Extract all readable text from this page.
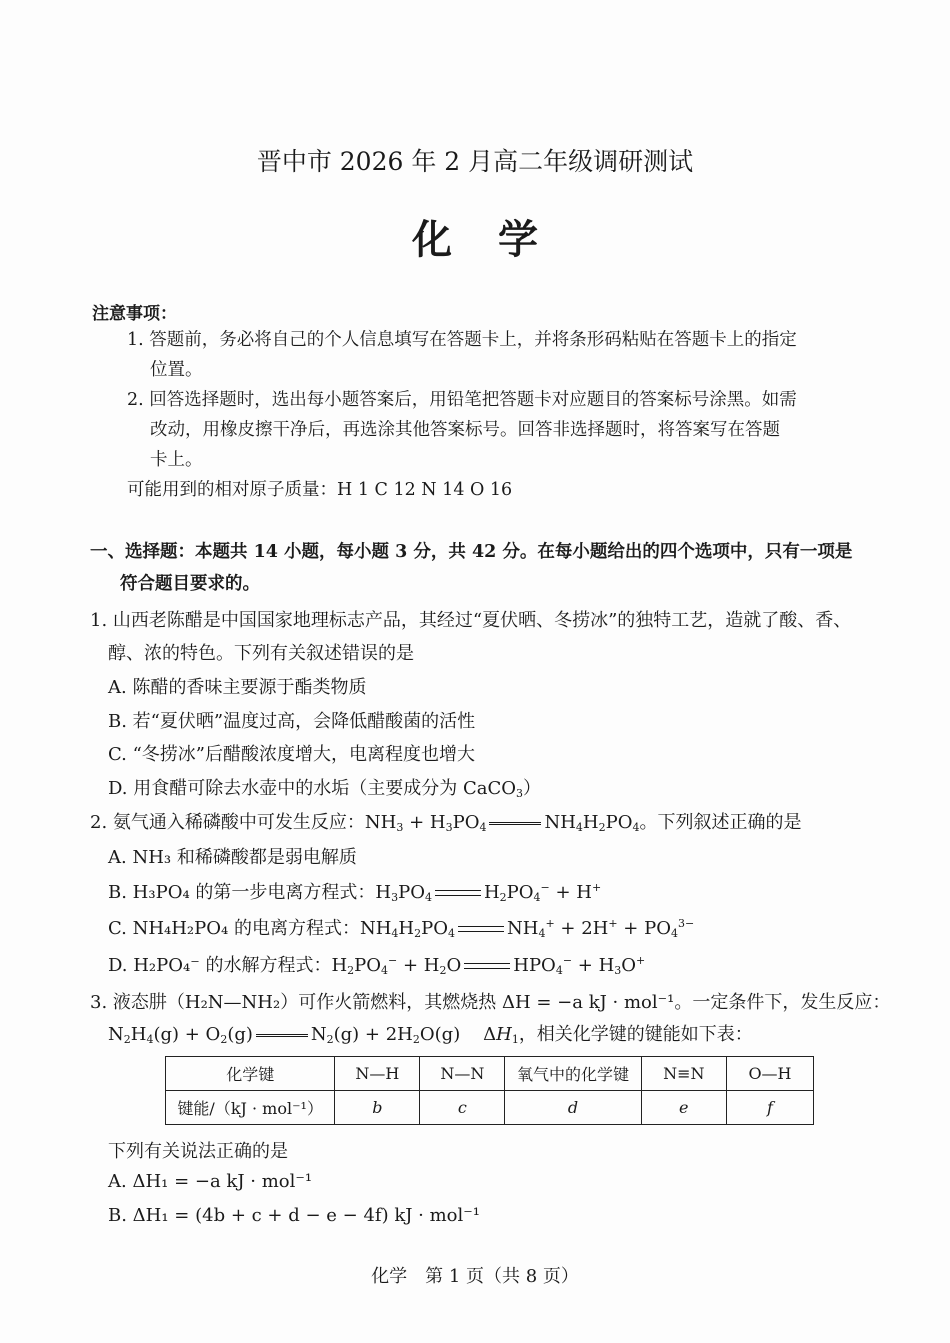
晋中市 2026 年 2 月高二年级调研测试
化学
注意事项：
1. 答题前，务必将自己的个人信息填写在答题卡上，并将条形码粘贴在答题卡上的指定
位置。
2. 回答选择题时，选出每小题答案后，用铅笔把答题卡对应题目的答案标号涂黑。如需
改动，用橡皮擦干净后，再选涂其他答案标号。回答非选择题时，将答案写在答题
卡上。
可能用到的相对原子质量：H 1 C 12 N 14 O 16
一、选择题：本题共 14 小题，每小题 3 分，共 42 分。在每小题给出的四个选项中，只有一项是
符合题目要求的。
1. 山西老陈醋是中国国家地理标志产品，其经过“夏伏晒、冬捞冰”的独特工艺，造就了酸、香、
醇、浓的特色。下列有关叙述错误的是
A. 陈醋的香味主要源于酯类物质
B. 若“夏伏晒”温度过高，会降低醋酸菌的活性
C. “冬捞冰”后醋酸浓度增大，电离程度也增大
D. 用食醋可除去水壶中的水垢（主要成分为 CaCO$_3$）
2. 氨气通入稀磷酸中可发生反应：$NH_3 + H_3PO_4$	$NH_4H_2PO_4$。下列叙述正确的是
A. NH₃ 和稀磷酸都是弱电解质
B. H₃PO₄ 的第一步电离方程式：$H_3PO_4$	$H_2PO_4^- + H^+$
C. NH₄H₂PO₄ 的电离方程式：$NH_4H_2PO_4$	$NH_4^+ + 2H^+ + PO_4^{3-}$
D. H₂PO₄⁻ 的水解方程式：$H_2PO_4^- + H_2O$	$HPO_4^- + H_3O^+$
3. 液态肼（H₂N—NH₂）可作火箭燃料，其燃烧热 ΔH = −a kJ · mol⁻¹。一定条件下，发生反应：
$N_2H_4(g) + O_2(g)$	$N_2(g) + 2H_2O(g)$    $\Delta H_1$，相关化学键的键能如下表：
化学键	N—H	N—N	氧气中的化学键	N≡N	O—H
键能/（kJ · mol⁻¹）	b	c	d	e	f
下列有关说法正确的是
A. ΔH₁ = −a kJ · mol⁻¹
B. ΔH₁ = (4b + c + d − e − 4f) kJ · mol⁻¹
化学　第 1 页（共 8 页）
